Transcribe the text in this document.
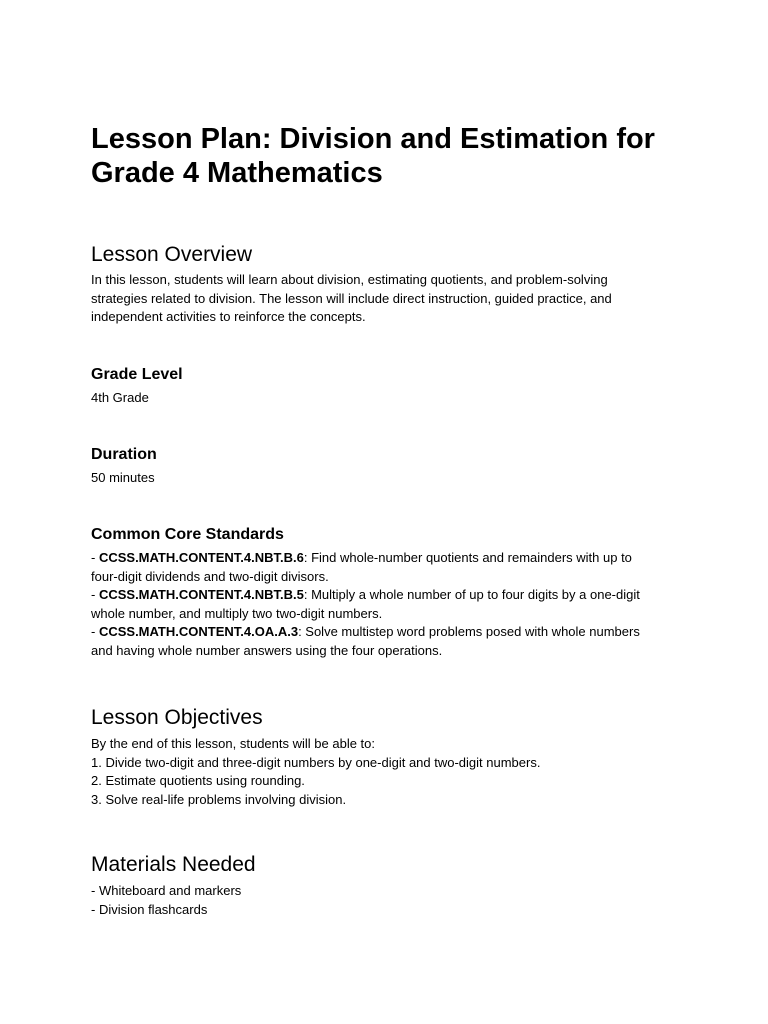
Lesson Plan: Division and Estimation for Grade 4 Mathematics
Lesson Overview
In this lesson, students will learn about division, estimating quotients, and problem-solving
strategies related to division. The lesson will include direct instruction, guided practice, and
independent activities to reinforce the concepts.
Grade Level
4th Grade
Duration
50 minutes
Common Core Standards
- CCSS.MATH.CONTENT.4.NBT.B.6: Find whole-number quotients and remainders with up to
four-digit dividends and two-digit divisors.
- CCSS.MATH.CONTENT.4.NBT.B.5: Multiply a whole number of up to four digits by a one-digit
whole number, and multiply two two-digit numbers.
- CCSS.MATH.CONTENT.4.OA.A.3: Solve multistep word problems posed with whole numbers
and having whole number answers using the four operations.
Lesson Objectives
By the end of this lesson, students will be able to:
1. Divide two-digit and three-digit numbers by one-digit and two-digit numbers.
2. Estimate quotients using rounding.
3. Solve real-life problems involving division.
Materials Needed
- Whiteboard and markers
- Division flashcards
